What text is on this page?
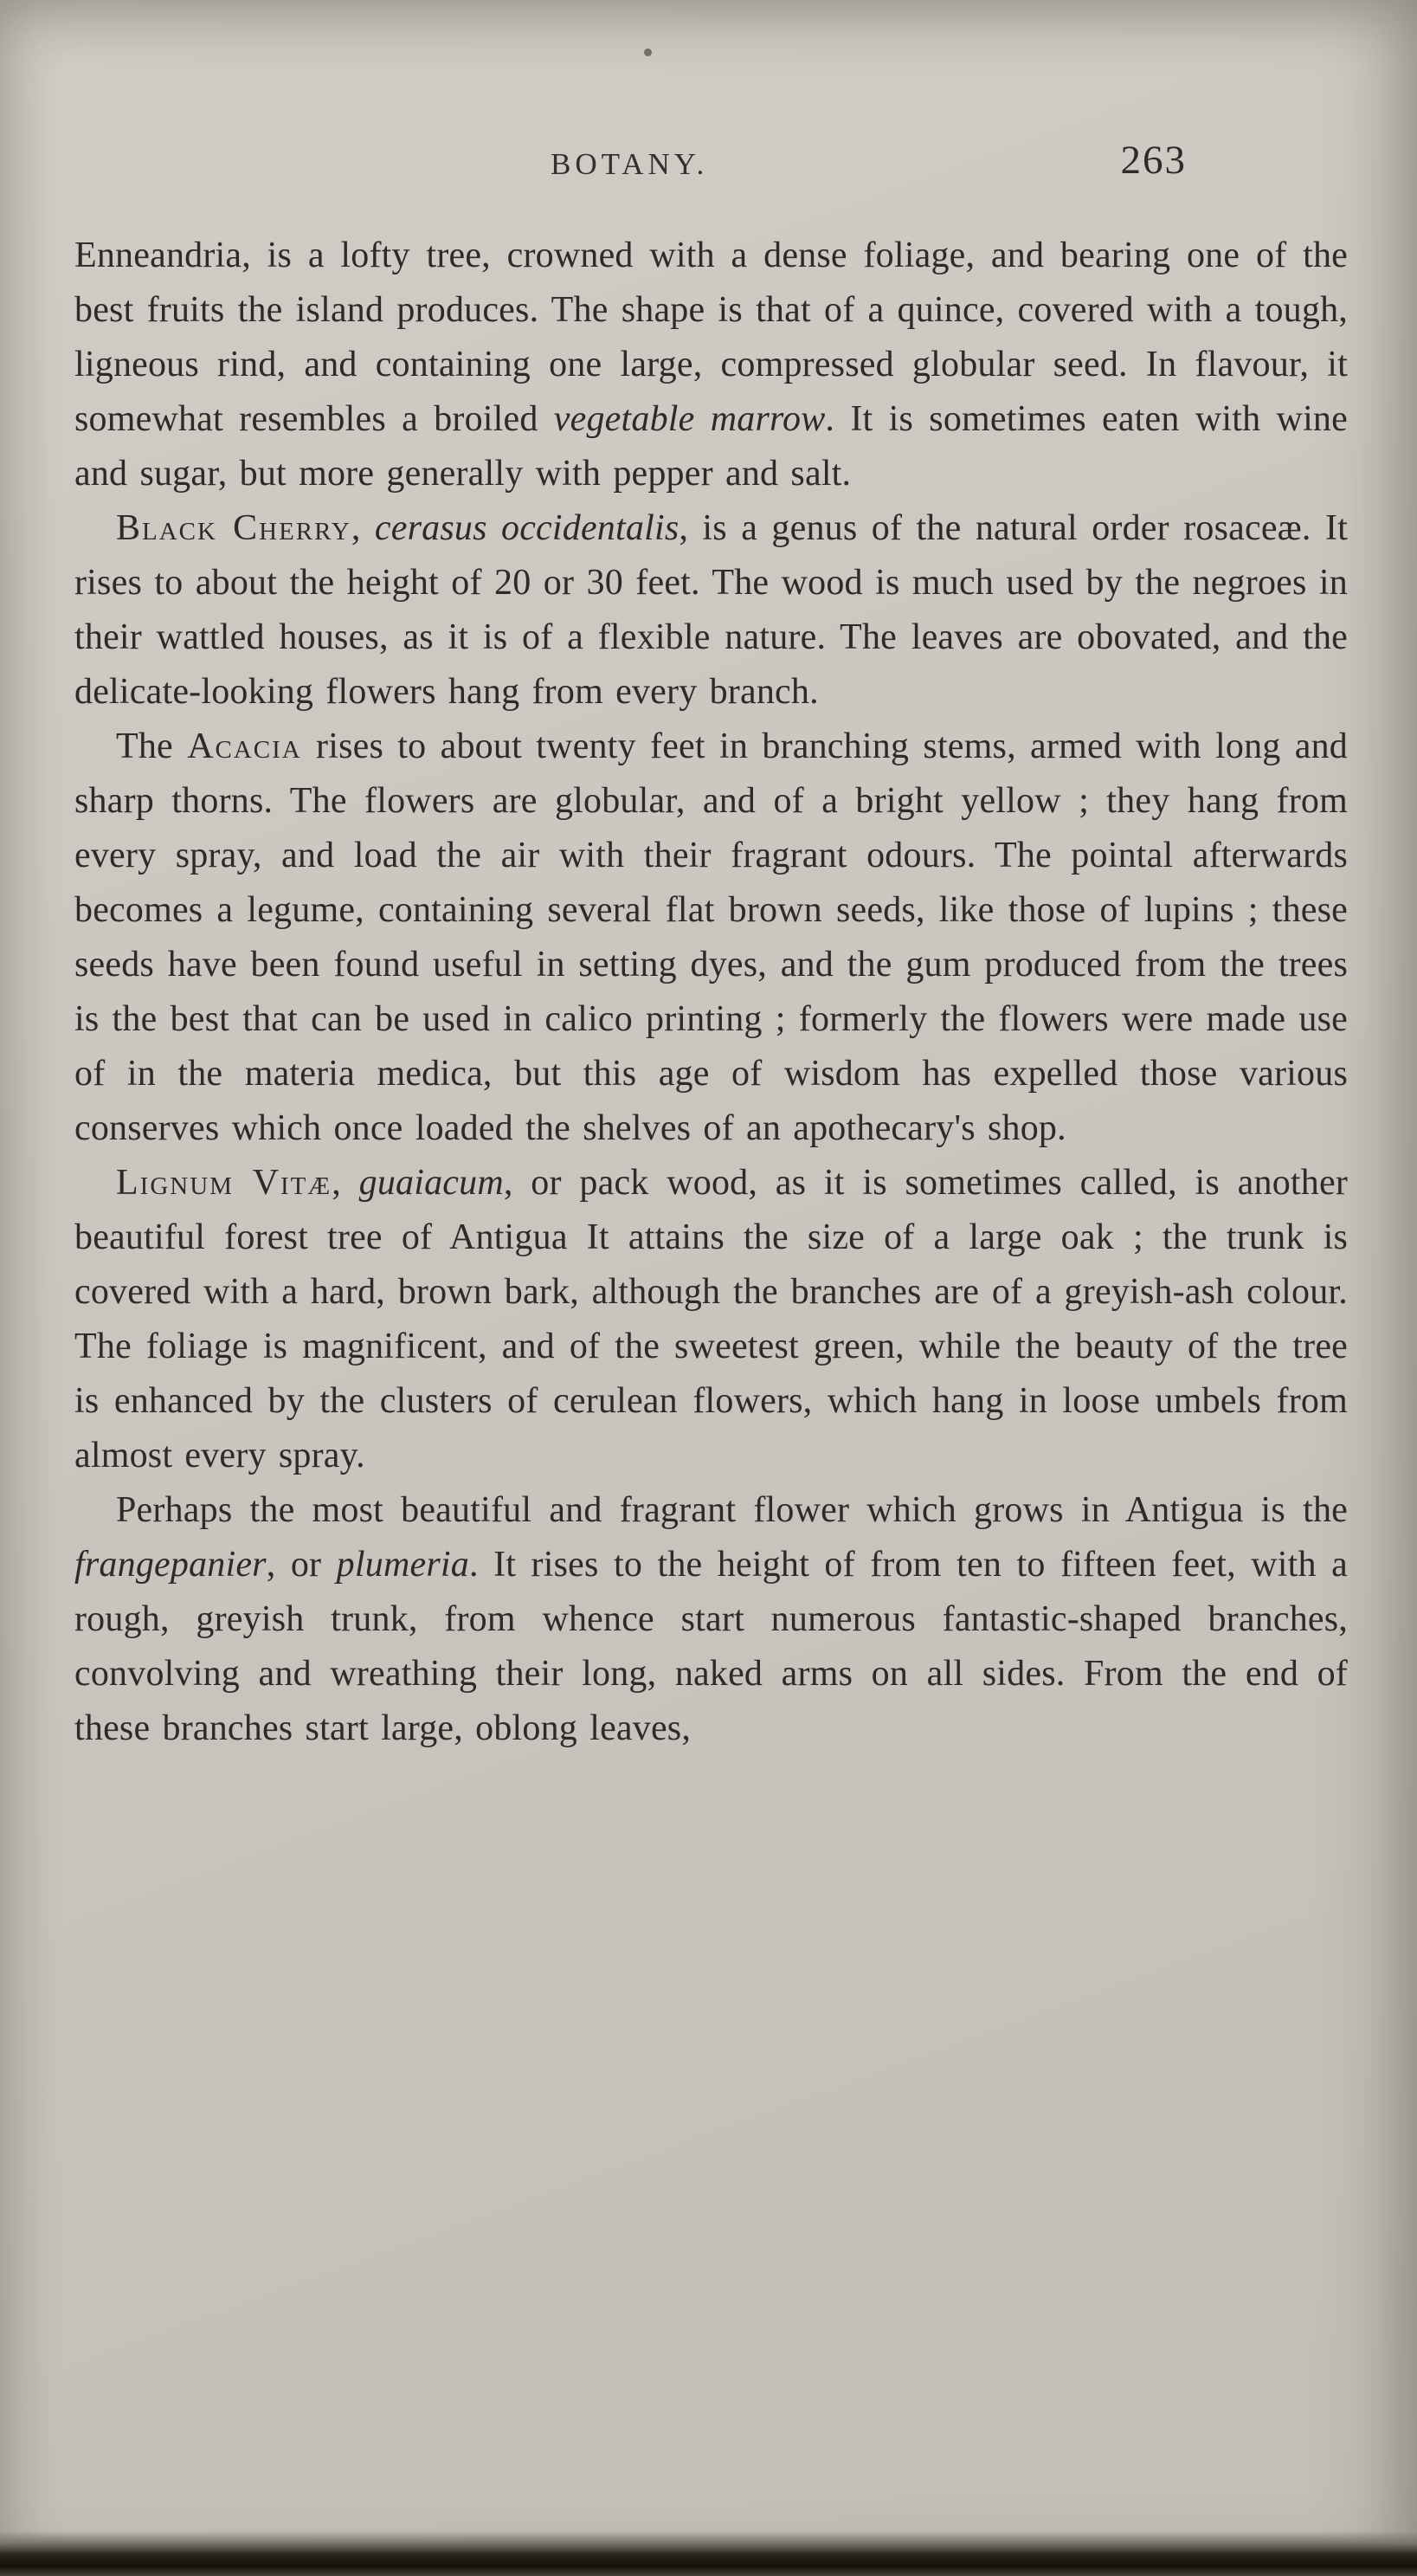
BOTANY.	263

Enneandria, is a lofty tree, crowned with a dense foliage, and bearing one of the best fruits the island produces. The shape is that of a quince, covered with a tough, ligneous rind, and containing one large, compressed globular seed. In flavour, it somewhat resembles a broiled vegetable marrow. It is sometimes eaten with wine and sugar, but more generally with pepper and salt.

Black Cherry, cerasus occidentalis, is a genus of the natural order rosaceæ. It rises to about the height of 20 or 30 feet. The wood is much used by the negroes in their wattled houses, as it is of a flexible nature. The leaves are obovated, and the delicate-looking flowers hang from every branch.

The Acacia rises to about twenty feet in branching stems, armed with long and sharp thorns. The flowers are globular, and of a bright yellow ; they hang from every spray, and load the air with their fragrant odours. The pointal afterwards becomes a legume, containing several flat brown seeds, like those of lupins ; these seeds have been found useful in setting dyes, and the gum produced from the trees is the best that can be used in calico printing ; formerly the flowers were made use of in the materia medica, but this age of wisdom has expelled those various conserves which once loaded the shelves of an apothecary's shop.

Lignum Vitæ, guaiacum, or pack wood, as it is sometimes called, is another beautiful forest tree of Antigua It attains the size of a large oak ; the trunk is covered with a hard, brown bark, although the branches are of a greyish-ash colour. The foliage is magnificent, and of the sweetest green, while the beauty of the tree is enhanced by the clusters of cerulean flowers, which hang in loose umbels from almost every spray.

Perhaps the most beautiful and fragrant flower which grows in Antigua is the frangepanier, or plumeria. It rises to the height of from ten to fifteen feet, with a rough, greyish trunk, from whence start numerous fantastic-shaped branches, convolving and wreathing their long, naked arms on all sides. From the end of these branches start large, oblong leaves,
